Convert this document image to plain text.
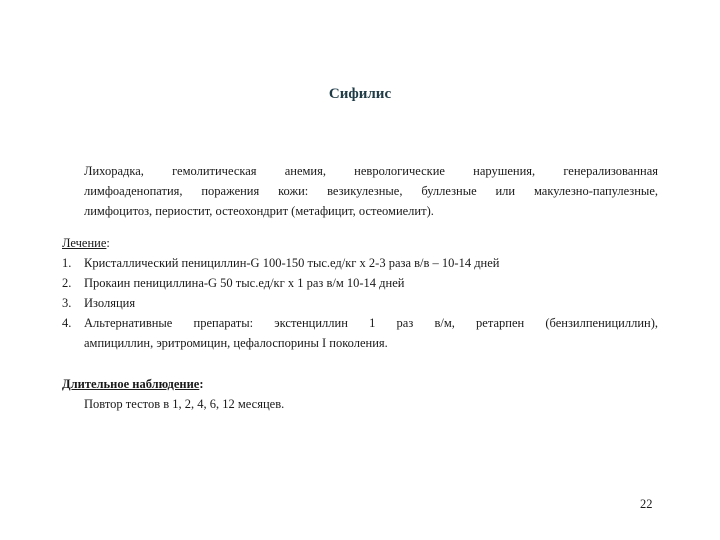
Сифилис
Лихорадка, гемолитическая анемия, неврологические нарушения, генерализованная
лимфоаденопатия, поражения кожи: везикулезные, буллезные или макулезно-папулезные,
лимфоцитоз, периостит, остеохондрит (метафицит, остеомиелит).
Лечение:
1. Кристаллический пенициллин-G 100-150 тыс.ед/кг х 2-3 раза в/в – 10-14 дней
2. Прокаин пенициллина-G 50 тыс.ед/кг х 1 раз в/м 10-14 дней
3. Изоляция
4. Альтернативные препараты: экстенциллин 1 раз в/м, ретарпен (бензилпенициллин),
ампициллин, эритромицин, цефалоспорины I поколения.
Длительное наблюдение:
Повтор тестов в 1, 2, 4, 6, 12 месяцев.
22
